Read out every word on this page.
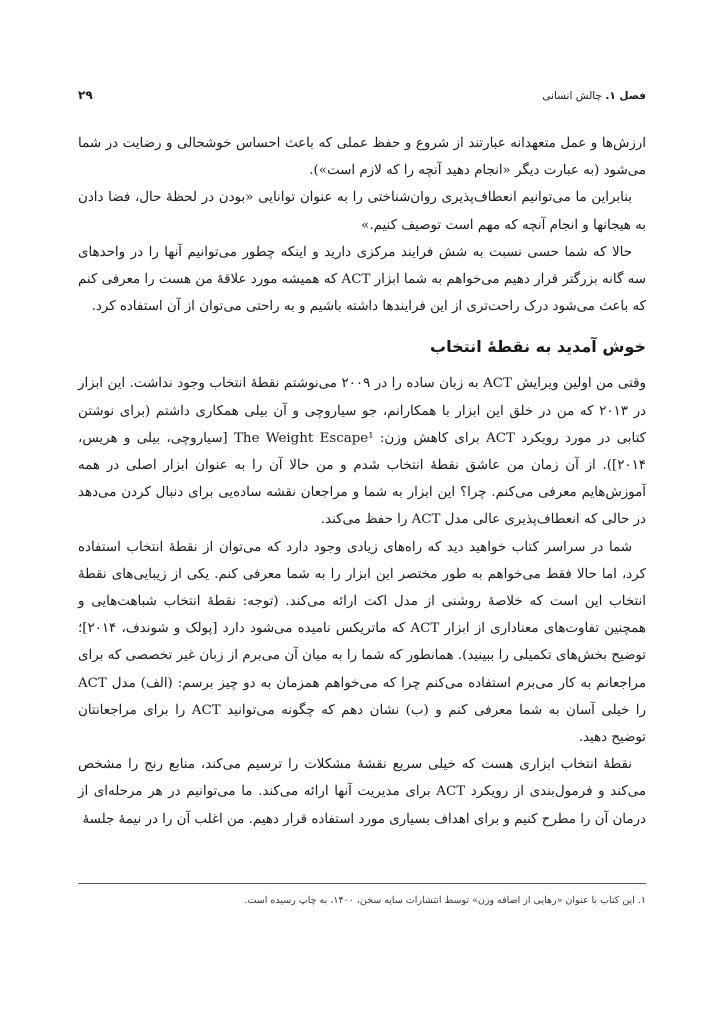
فصل ۱. چالش انسانی
۲۹

ارزش‌ها و عمل متعهدانه عبارتند از شروع و حفظ عملی که باعث احساس خوشحالی و رضایت در شما می‌شود (به عبارت دیگر «انجام دهید آنچه را که لازم است»).

بنابراین ما می‌توانیم انعطاف‌پذیری روان‌شناختی را به عنوان توانایی «بودن در لحظهٔ حال، فضا دادن به هیجانها و انجام آنچه که مهم است توصیف کنیم.»

حالا که شما حسی نسبت به شش فرایند مرکزی دارید و اینکه چطور می‌توانیم آنها را در واحدهای سه گانه بزرگتر قرار دهیم می‌خواهم به شما ابزار ACT که همیشه مورد علاقهٔ من هست را معرفی کنم که باعث می‌شود درک راحت‌تری از این فرایندها داشته باشیم و به راحتی می‌توان از آن استفاده کرد.

خوش آمدید به نقطهٔ انتخاب

وقتی من اولین ویرایش ACT به زبان ساده را در ۲۰۰۹ می‌نوشتم نقطهٔ انتخاب وجود نداشت. این ابزار در ۲۰۱۳ که من در خلق این ابزار با همکارانم، جو سیاروچی و آن بیلی همکاری داشتم (برای نوشتن کتابی در مورد رویکرد ACT برای کاهش وزن: The Weight Escape¹ [سیاروچی، بیلی و هریس، ۲۰۱۴]). از آن زمان من عاشق نقطهٔ انتخاب شدم و من حالا آن را به عنوان ابزار اصلی در همه آموزش‌هایم معرفی می‌کنم. چرا؟ این ابزار به شما و مراجعان نقشه ساده‌یی برای دنبال کردن می‌دهد در حالی که انعطاف‌پذیری عالی مدل ACT را حفظ می‌کند.

شما در سراسر کتاب خواهید دید که راه‌های زیادی وجود دارد که می‌توان از نقطهٔ انتخاب استفاده کرد، اما حالا فقط می‌خواهم به طور مختصر این ابزار را به شما معرفی کنم. یکی از زیبایی‌های نقطهٔ انتخاب این است که خلاصهٔ روشنی از مدل اکت ارائه می‌کند. (توجه: نقطهٔ انتخاب شباهت‌هایی و همچنین تفاوت‌های معناداری از ابزار ACT که ماتریکس نامیده می‌شود دارد [پولک و شوندف، ۲۰۱۴]؛ توضیح بخش‌های تکمیلی را ببینید). همانطور که شما را به میان آن می‌برم از زبان غیر تخصصی که برای مراجعانم به کار می‌برم استفاده می‌کنم چرا که می‌خواهم همزمان به دو چیز برسم: (الف) مدل ACT را خیلی آسان به شما معرفی کنم و (ب) نشان دهم که چگونه می‌توانید ACT را برای مراجعانتان توضیح دهید.

نقطهٔ انتخاب ابزاری هست که خیلی سریع نقشهٔ مشکلات را ترسیم می‌کند، منابع رنج را مشخص می‌کند و فرمول‌بندی از رویکرد ACT برای مدیریت آنها ارائه می‌کند. ما می‌توانیم در هر مرحله‌ای از درمان آن را مطرح کنیم و برای اهداف بسیاری مورد استفاده قرار دهیم. من اغلب آن را در نیمهٔ جلسهٔ

۱. این کتاب با عنوان «رهایی از اضافه وزن» توسط انتشارات سایه سخن، ۱۴۰۰، به چاپ رسیده است.
